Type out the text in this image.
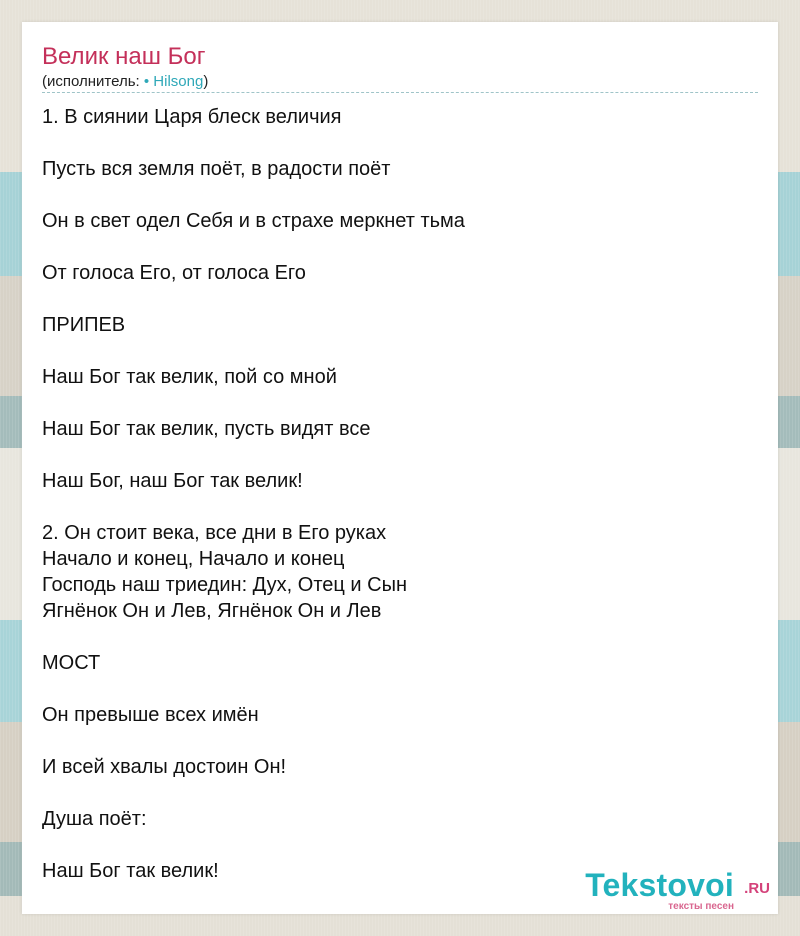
Велик наш Бог
(исполнитель: • Hilsong)
1. В сиянии Царя блеск величия
Пусть вся земля поёт, в радости поёт
Он в свет одел Себя и в страхе меркнет тьма
От голоса Его, от голоса Его
ПРИПЕВ
Наш Бог так велик, пой со мной
Наш Бог так велик, пусть видят все
Наш Бог, наш Бог так велик!
2. Он стоит века, все дни в Его руках
Начало и конец, Начало и конец
Господь наш триедин: Дух, Отец и Сын
Ягнёнок Он и Лев, Ягнёнок Он и Лев
МОСТ
Он превыше всех имён
И всей хвалы достоин Он!
Душа поёт:
Наш Бог так велик!	Tekstovoi .RU
тексты песен
